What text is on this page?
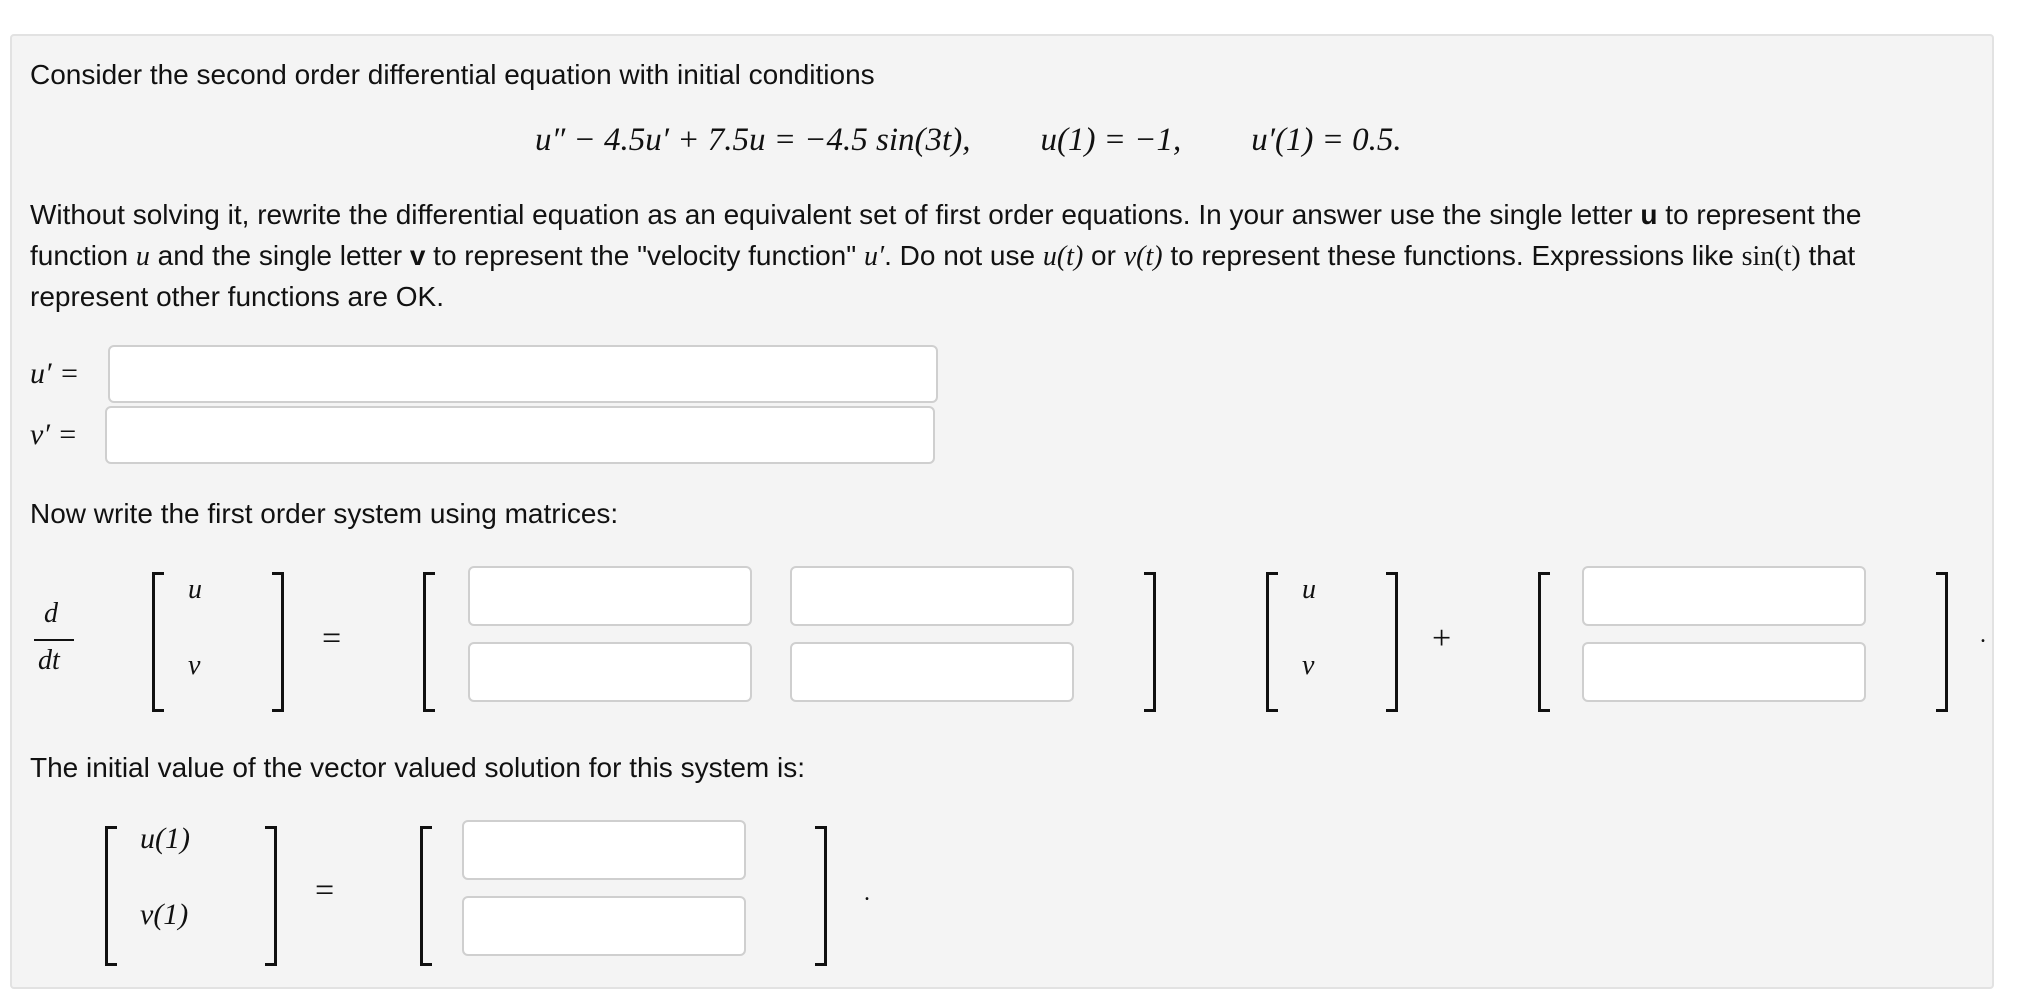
Consider the second order differential equation with initial conditions
u″ − 4.5u′ + 7.5u = −4.5 sin(3t), u(1) = −1, u′(1) = 0.5.
Without solving it, rewrite the differential equation as an equivalent set of first order equations. In your answer use the single letter u to represent the
function u and the single letter v to represent the "velocity function" u′. Do not use u(t) or v(t) to represent these functions. Expressions like sin(t) that
represent other functions are OK.
u′ =
v′ =
Now write the first order system using matrices:
d
dt
u
v
=
u
v
+	.
The initial value of the vector valued solution for this system is:
u(1)
v(1)
=	.
